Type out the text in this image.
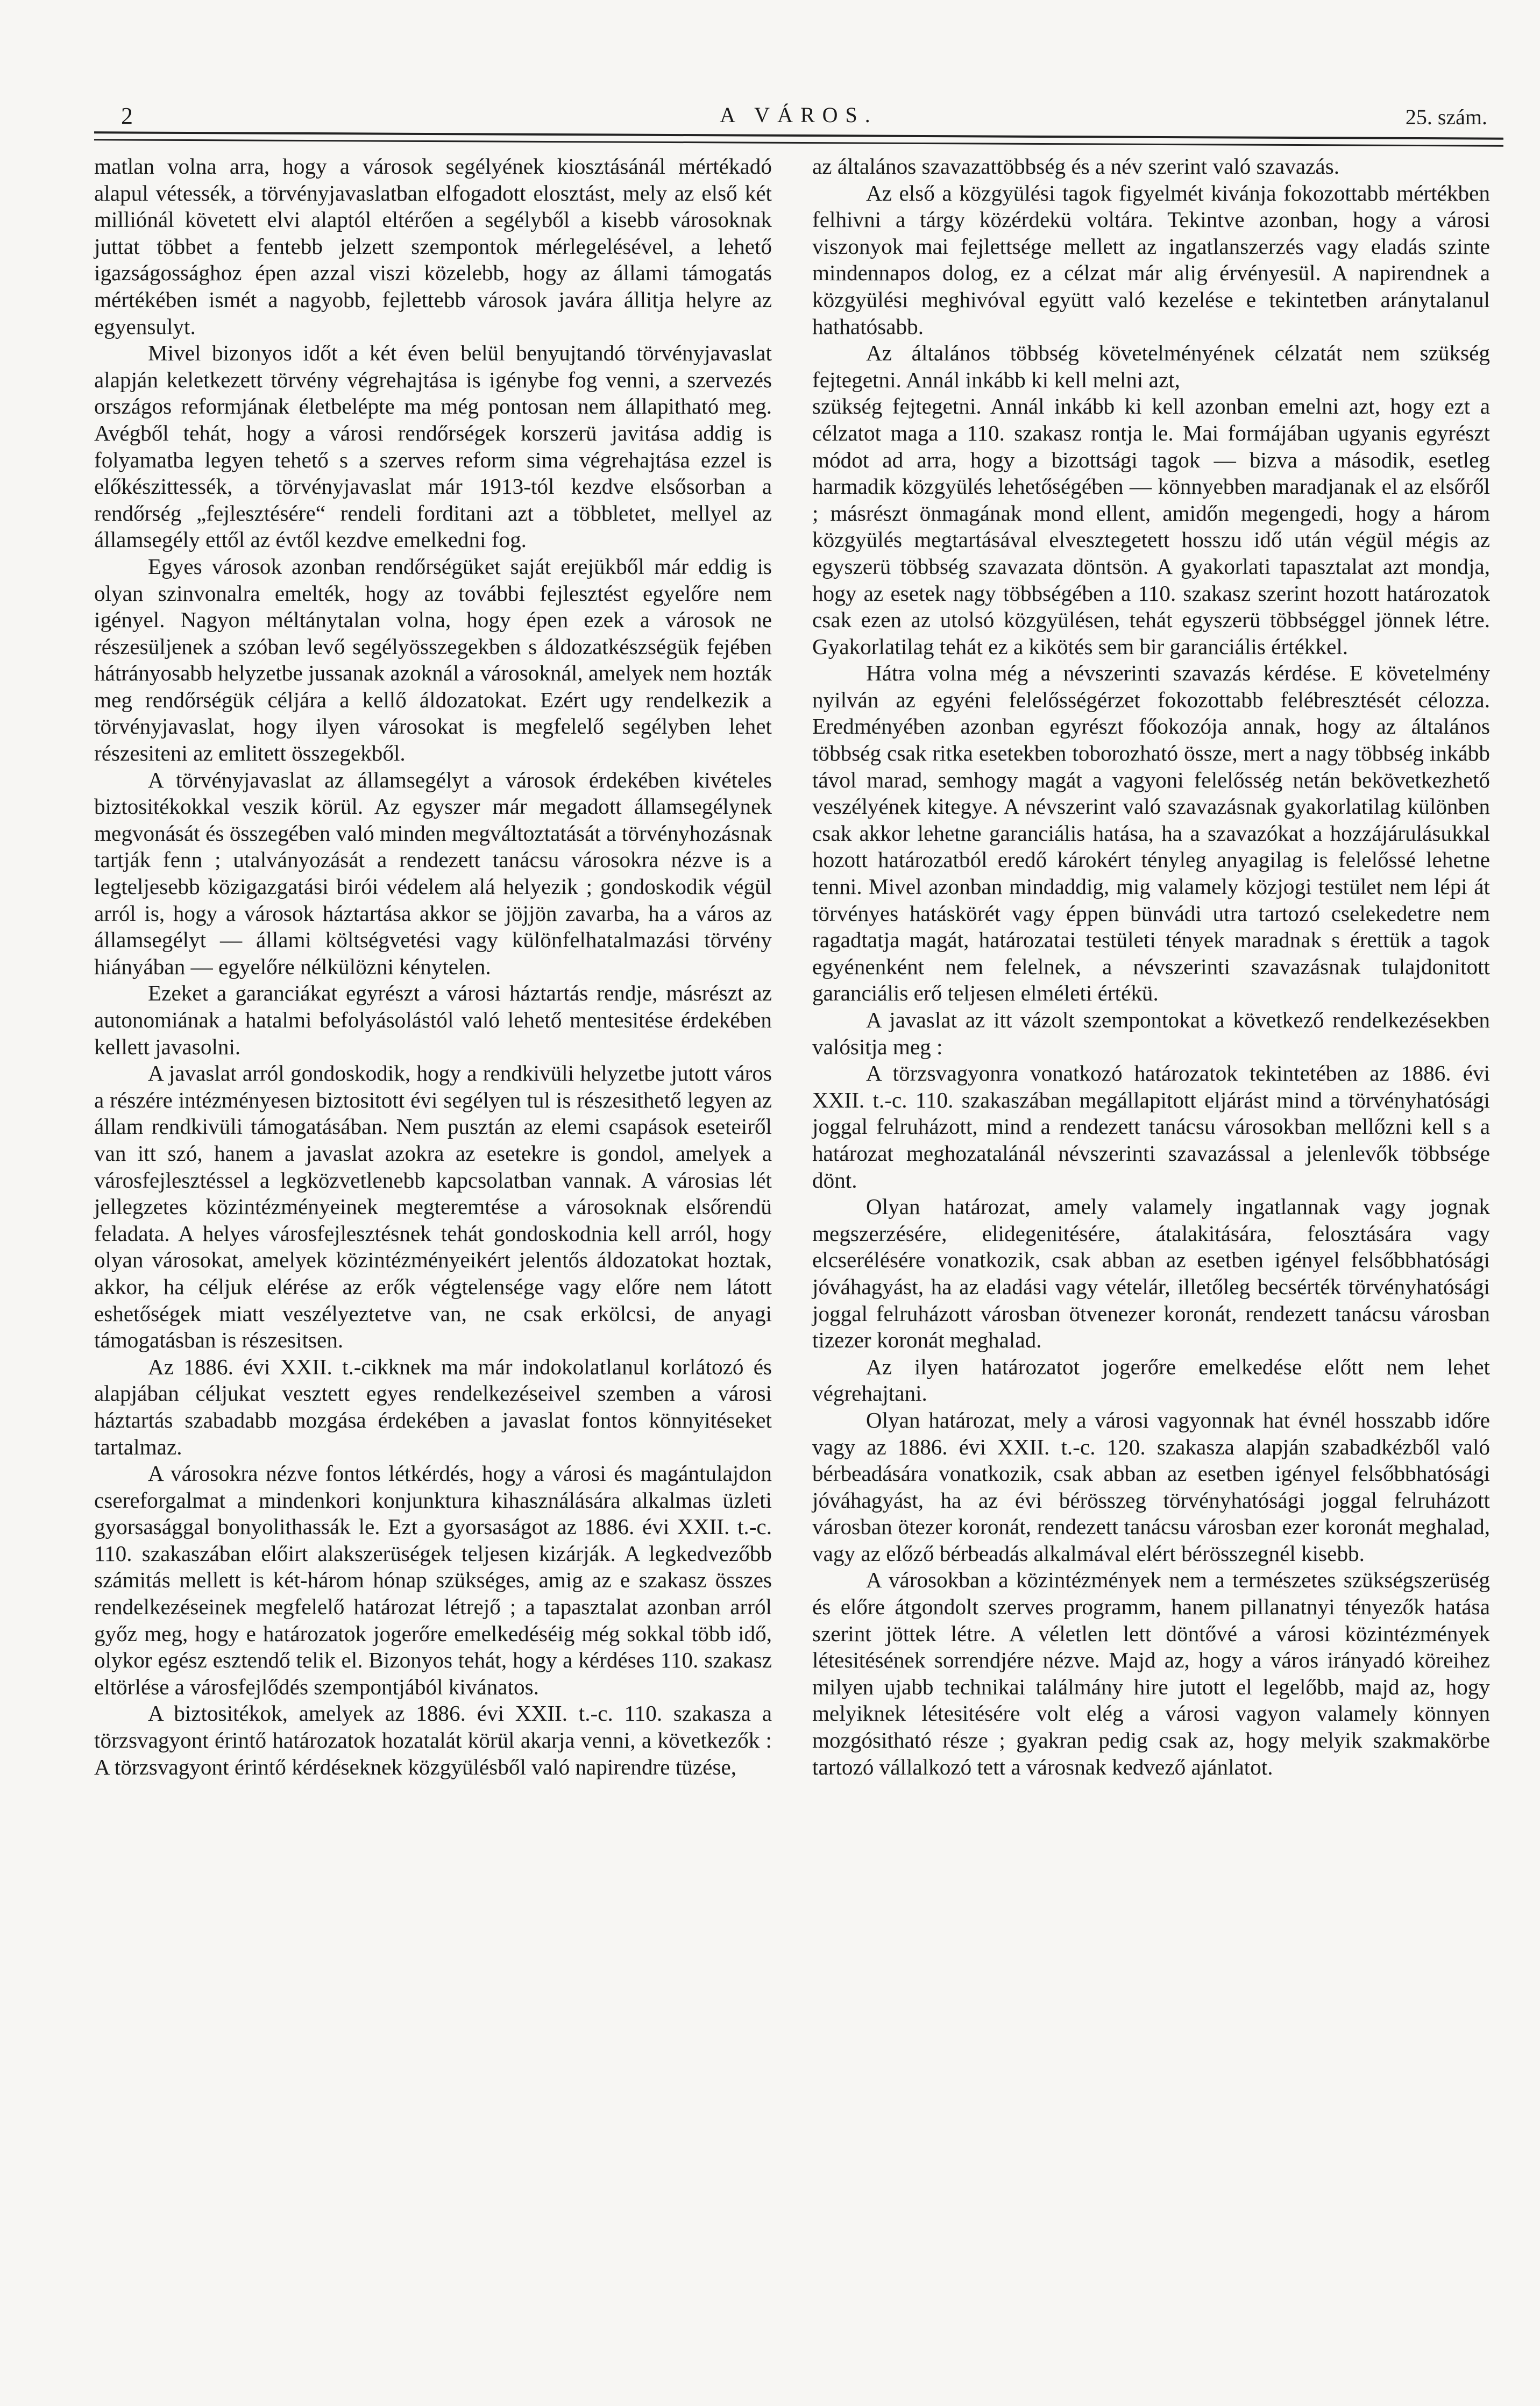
2	A VÁROS.	25. szám.

matlan volna arra, hogy a városok segélyének kiosztásánál mértékadó alapul vétessék, a törvényjavaslatban elfogadott elosztást, mely az első két milliónál követett elvi alaptól eltérően a segélyből a kisebb városoknak juttat többet a fentebb jelzett szempontok mérlegelésével, a lehető igazságossághoz épen azzal viszi közelebb, hogy az állami támogatás mértékében ismét a nagyobb, fejlettebb városok javára állitja helyre az egyensulyt.

Mivel bizonyos időt a két éven belül benyujtandó törvényjavaslat alapján keletkezett törvény végrehajtása is igénybe fog venni, a szervezés országos reformjának életbelépte ma még pontosan nem állapitható meg. Avégből tehát, hogy a városi rendőrségek korszerü javitása addig is folyamatba legyen tehető s a szerves reform sima végrehajtása ezzel is előkészittessék, a törvényjavaslat már 1913-tól kezdve elsősorban a rendőrség „fejlesztésére“ rendeli forditani azt a többletet, mellyel az államsegély ettől az évtől kezdve emelkedni fog.

Egyes városok azonban rendőrségüket saját erejükből már eddig is olyan szinvonalra emelték, hogy az további fejlesztést egyelőre nem igényel. Nagyon méltánytalan volna, hogy épen ezek a városok ne részesüljenek a szóban levő segélyösszegekben s áldozatkészségük fejében hátrányosabb helyzetbe jussanak azoknál a városoknál, amelyek nem hozták meg rendőrségük céljára a kellő áldozatokat. Ezért ugy rendelkezik a törvényjavaslat, hogy ilyen városokat is megfelelő segélyben lehet részesiteni az emlitett összegekből.

A törvényjavaslat az államsegélyt a városok érdekében kivételes biztositékokkal veszik körül. Az egyszer már megadott államsegélynek megvonását és összegében való minden megváltoztatását a törvényhozásnak tartják fenn ; utalványozását a rendezett tanácsu városokra nézve is a legteljesebb közigazgatási birói védelem alá helyezik ; gondoskodik végül arról is, hogy a városok háztartása akkor se jöjjön zavarba, ha a város az államsegélyt — állami költségvetési vagy különfelhatalmazási törvény hiányában — egyelőre nélkülözni kénytelen.

Ezeket a garanciákat egyrészt a városi háztartás rendje, másrészt az autonomiának a hatalmi befolyásolástól való lehető mentesitése érdekében kellett javasolni.

A javaslat arról gondoskodik, hogy a rendkivüli helyzetbe jutott város a részére intézményesen biztositott évi segélyen tul is részesithető legyen az állam rendkivüli támogatásában. Nem pusztán az elemi csapások eseteiről van itt szó, hanem a javaslat azokra az esetekre is gondol, amelyek a városfejlesztéssel a legközvetlenebb kapcsolatban vannak. A városias lét jellegzetes közintézményeinek megteremtése a városoknak elsőrendü feladata. A helyes városfejlesztésnek tehát gondoskodnia kell arról, hogy olyan városokat, amelyek közintézményeikért jelentős áldozatokat hoztak, akkor, ha céljuk elérése az erők végtelensége vagy előre nem látott eshetőségek miatt veszélyeztetve van, ne csak erkölcsi, de anyagi támogatásban is részesitsen.

Az 1886. évi XXII. t.-cikknek ma már indokolatlanul korlátozó és alapjában céljukat vesztett egyes rendelkezéseivel szemben a városi háztartás szabadabb mozgása érdekében a javaslat fontos könnyitéseket tartalmaz.

A városokra nézve fontos létkérdés, hogy a városi és magántulajdon csereforgalmat a mindenkori konjunktura kihasználására alkalmas üzleti gyorsasággal bonyolithassák le. Ezt a gyorsaságot az 1886. évi XXII. t.-c. 110. szakaszában előirt alakszerüségek teljesen kizárják. A legkedvezőbb számitás mellett is két-három hónap szükséges, amig az e szakasz összes rendelkezéseinek megfelelő határozat létrejő ; a tapasztalat azonban arról győz meg, hogy e határozatok jogerőre emelkedéséig még sokkal több idő, olykor egész esztendő telik el. Bizonyos tehát, hogy a kérdéses 110. szakasz eltörlése a városfejlődés szempontjából kivánatos.

A biztositékok, amelyek az 1886. évi XXII. t.-c. 110. szakasza a törzsvagyont érintő határozatok hozatalát körül akarja venni, a következők : A törzsvagyont érintő kérdéseknek közgyülésből való napirendre tüzése,

az általános szavazattöbbség és a név szerint való szavazás.

Az első a közgyülési tagok figyelmét kivánja fokozottabb mértékben felhivni a tárgy közérdekü voltára. Tekintve azonban, hogy a városi viszonyok mai fejlettsége mellett az ingatlanszerzés vagy eladás szinte mindennapos dolog, ez a célzat már alig érvényesül. A napirendnek a közgyülési meghivóval együtt való kezelése e tekintetben aránytalanul hathatósabb.

Az általános többség követelményének célzatát nem szükség fejtegetni. Annál inkább ki kell melni azt,

szükség fejtegetni. Annál inkább ki kell azonban emelni azt, hogy ezt a célzatot maga a 110. szakasz rontja le. Mai formájában ugyanis egyrészt módot ad arra, hogy a bizottsági tagok — bizva a második, esetleg harmadik közgyülés lehetőségében — könnyebben maradjanak el az elsőről ; másrészt önmagának mond ellent, amidőn megengedi, hogy a három közgyülés megtartásával elvesztegetett hosszu idő után végül mégis az egyszerü többség szavazata döntsön. A gyakorlati tapasztalat azt mondja, hogy az esetek nagy többségében a 110. szakasz szerint hozott határozatok csak ezen az utolsó közgyülésen, tehát egyszerü többséggel jönnek létre. Gyakorlatilag tehát ez a kikötés sem bir garanciális értékkel.

Hátra volna még a névszerinti szavazás kérdése. E követelmény nyilván az egyéni felelősségérzet fokozottabb felébresztését célozza. Eredményében azonban egyrészt főokozója annak, hogy az általános többség csak ritka esetekben toborozható össze, mert a nagy többség inkább távol marad, semhogy magát a vagyoni felelősség netán bekövetkezhető veszélyének kitegye. A névszerint való szavazásnak gyakorlatilag különben csak akkor lehetne garanciális hatása, ha a szavazókat a hozzájárulásukkal hozott határozatból eredő károkért tényleg anyagilag is felelőssé lehetne tenni. Mivel azonban mindaddig, mig valamely közjogi testület nem lépi át törvényes hatáskörét vagy éppen bünvádi utra tartozó cselekedetre nem ragadtatja magát, határozatai testületi tények maradnak s érettük a tagok egyénenként nem felelnek, a névszerinti szavazásnak tulajdonitott garanciális erő teljesen elméleti értékü.

A javaslat az itt vázolt szempontokat a következő rendelkezésekben valósitja meg :

A törzsvagyonra vonatkozó határozatok tekintetében az 1886. évi XXII. t.-c. 110. szakaszában megállapitott eljárást mind a törvényhatósági joggal felruházott, mind a rendezett tanácsu városokban mellőzni kell s a határozat meghozatalánál névszerinti szavazással a jelenlevők többsége dönt.

Olyan határozat, amely valamely ingatlannak vagy jognak megszerzésére, elidegenitésére, átalakitására, felosztására vagy elcserélésére vonatkozik, csak abban az esetben igényel felsőbbhatósági jóváhagyást, ha az eladási vagy vételár, illetőleg becsérték törvényhatósági joggal felruházott városban ötvenezer koronát, rendezett tanácsu városban tizezer koronát meghalad.

Az ilyen határozatot jogerőre emelkedése előtt nem lehet végrehajtani.

Olyan határozat, mely a városi vagyonnak hat évnél hosszabb időre vagy az 1886. évi XXII. t.-c. 120. szakasza alapján szabadkézből való bérbeadására vonatkozik, csak abban az esetben igényel felsőbbhatósági jóváhagyást, ha az évi bérösszeg törvényhatósági joggal felruházott városban ötezer koronát, rendezett tanácsu városban ezer koronát meghalad, vagy az előző bérbeadás alkalmával elért bérösszegnél kisebb.

A városokban a közintézmények nem a természetes szükségszerüség és előre átgondolt szerves programm, hanem pillanatnyi tényezők hatása szerint jöttek létre. A véletlen lett döntővé a városi közintézmények létesitésének sorrendjére nézve. Majd az, hogy a város irányadó köreihez milyen ujabb technikai találmány hire jutott el legelőbb, majd az, hogy melyiknek létesitésére volt elég a városi vagyon valamely könnyen mozgósitható része ; gyakran pedig csak az, hogy melyik szakmakörbe tartozó vállalkozó tett a városnak kedvező ajánlatot.
